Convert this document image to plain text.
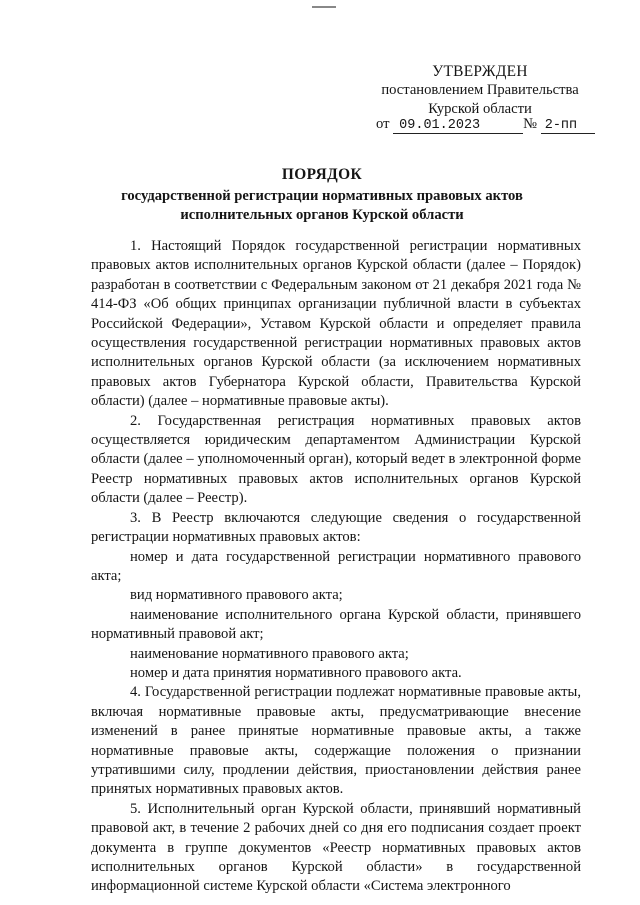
УТВЕРЖДЕН
постановлением Правительства
Курской области
от 09.01.2023	№ 2-пп
ПОРЯДОК
государственной регистрации нормативных правовых актов
исполнительных органов Курской области

1. Настоящий Порядок государственной регистрации нормативных правовых актов исполнительных органов Курской области (далее – Порядок) разработан в соответствии с Федеральным законом от 21 декабря 2021 года № 414-ФЗ «Об общих принципах организации публичной власти в субъектах Российской Федерации», Уставом Курской области и определяет правила осуществления государственной регистрации нормативных правовых актов исполнительных органов Курской области (за исключением нормативных правовых актов Губернатора Курской области, Правительства Курской области) (далее – нормативные правовые акты).

2. Государственная регистрация нормативных правовых актов осуществляется юридическим департаментом Администрации Курской области (далее – уполномоченный орган), который ведет в электронной форме Реестр нормативных правовых актов исполнительных органов Курской области (далее – Реестр).

3. В Реестр включаются следующие сведения о государственной регистрации нормативных правовых актов:

номер и дата государственной регистрации нормативного правового акта;

вид нормативного правового акта;

наименование исполнительного органа Курской области, принявшего нормативный правовой акт;

наименование нормативного правового акта;

номер и дата принятия нормативного правового акта.

4. Государственной регистрации подлежат нормативные правовые акты, включая нормативные правовые акты, предусматривающие внесение изменений в ранее принятые нормативные правовые акты, а также нормативные правовые акты, содержащие положения о признании утратившими силу, продлении действия, приостановлении действия ранее принятых нормативных правовых актов.

5. Исполнительный орган Курской области, принявший нормативный правовой акт, в течение 2 рабочих дней со дня его подписания создает проект документа в группе документов «Реестр нормативных правовых актов исполнительных органов Курской области» в государственной информационной системе Курской области «Система электронного
